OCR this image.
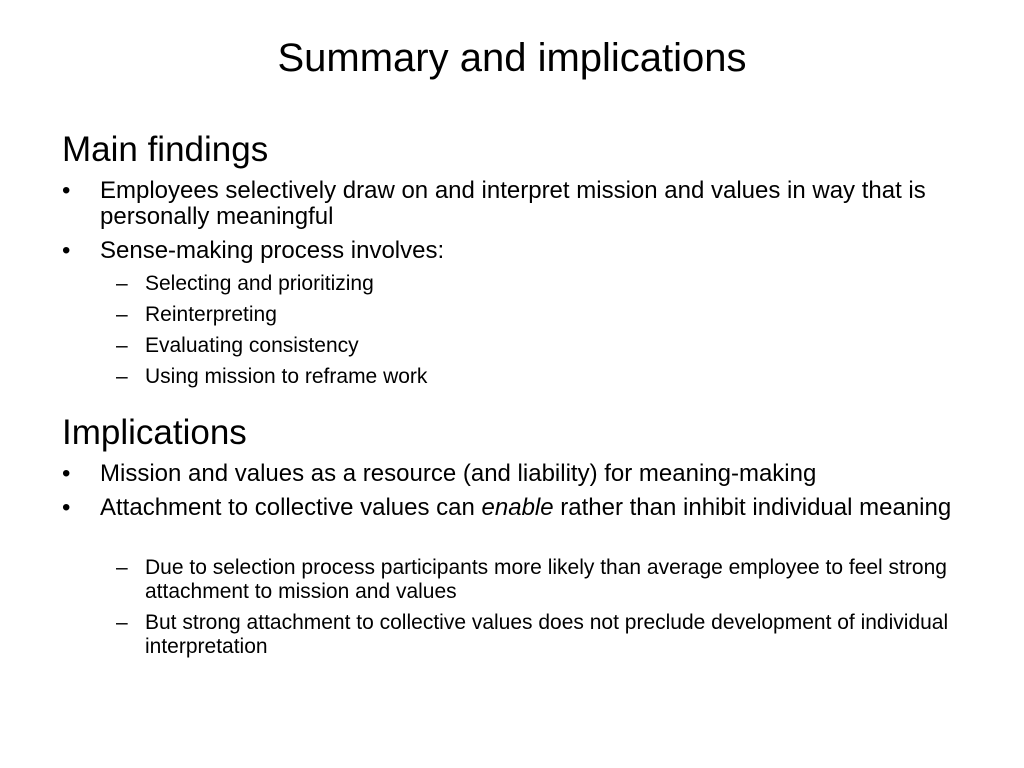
Summary and implications
Main findings
• Employees selectively draw on and interpret mission and values in way that is personally meaningful
• Sense-making process involves:
– Selecting and prioritizing
– Reinterpreting
– Evaluating consistency
– Using mission to reframe work
Implications
• Mission and values as a resource (and liability) for meaning-making
• Attachment to collective values can enable rather than inhibit individual meaning
– Due to selection process participants more likely than average employee to feel strong attachment to mission and values
– But strong attachment to collective values does not preclude development of individual interpretation
